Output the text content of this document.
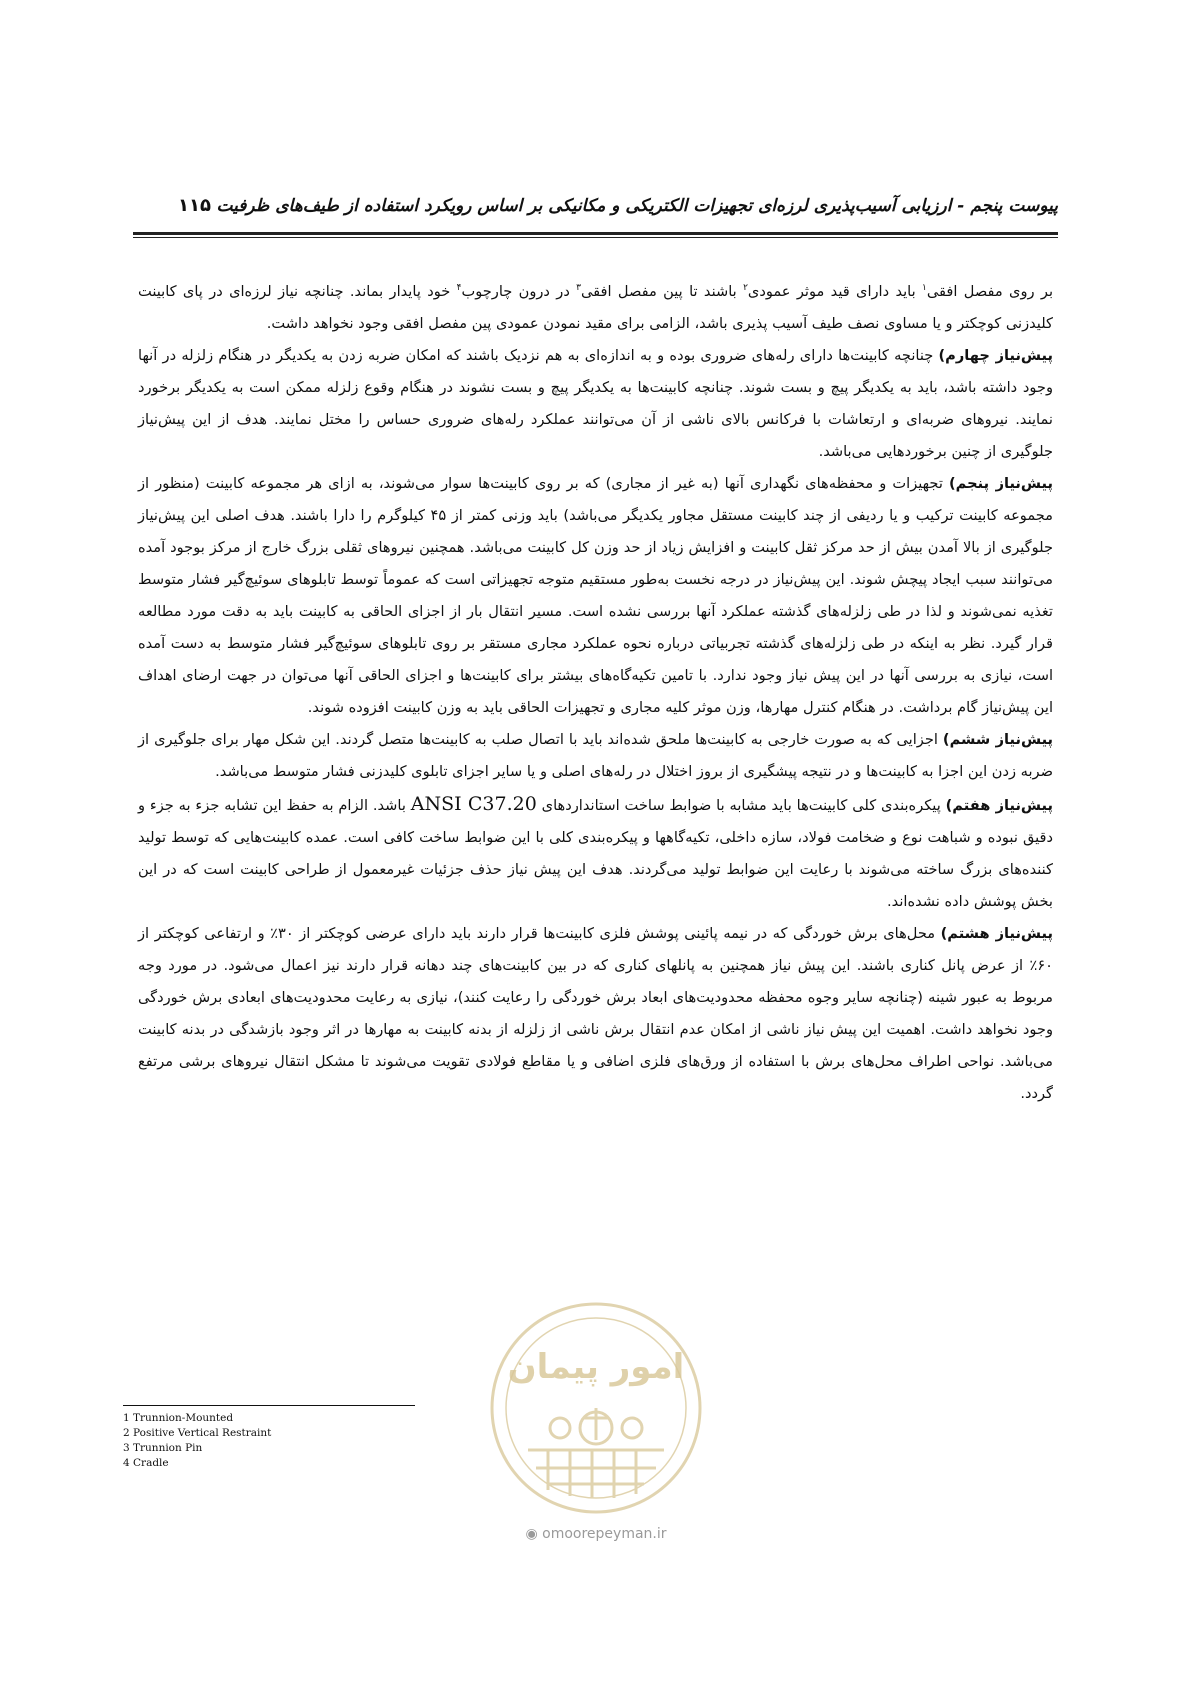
پیوست پنجم - ارزیابی آسیب‌پذیری لرزه‌ای تجهیزات الکتریکی و مکانیکی بر اساس رویکرد استفاده از طیف‌های ظرفیت
۱۱۵

بر روی مفصل افقی$^۱$ باید دارای قید موثر عمودی$^۲$ باشند تا پین مفصل افقی$^۳$ در درون چارچوب$^۴$ خود پایدار بماند. چنانچه نیاز لرزه‌ای در پای کابینت کلیدزنی کوچکتر و یا مساوی نصف طیف آسیب پذیری باشد، الزامی برای مقید نمودن عمودی پین مفصل افقی وجود نخواهد داشت.

پیش‌نیاز چهارم) چنانچه کابینت‌ها دارای رله‌های ضروری بوده و به اندازه‌ای به هم نزدیک باشند که امکان ضربه زدن به یکدیگر در هنگام زلزله در آنها وجود داشته باشد، باید به یکدیگر پیچ و بست شوند. چنانچه کابینت‌ها به یکدیگر پیچ و بست نشوند در هنگام وقوع زلزله ممکن است به یکدیگر برخورد نمایند. نیروهای ضربه‌ای و ارتعاشات با فرکانس بالای ناشی از آن می‌توانند عملکرد رله‌های ضروری حساس را مختل نمایند. هدف از این پیش‌نیاز جلوگیری از چنین برخوردهایی می‌باشد.

پیش‌نیاز پنجم) تجهیزات و محفظه‌های نگهداری آنها (به غیر از مجاری) که بر روی کابینت‌ها سوار می‌شوند، به ازای هر مجموعه کابینت (منظور از مجموعه کابینت ترکیب و یا ردیفی از چند کابینت مستقل مجاور یکدیگر می‌باشد) باید وزنی کمتر از ۴۵ کیلوگرم را دارا باشند. هدف اصلی این پیش‌نیاز جلوگیری از بالا آمدن بیش از حد مرکز ثقل کابینت و افزایش زیاد از حد وزن کل کابینت می‌باشد. همچنین نیروهای ثقلی بزرگ خارج از مرکز بوجود آمده می‌توانند سبب ایجاد پیچش شوند. این پیش‌نیاز در درجه نخست به‌طور مستقیم متوجه تجهیزاتی است که عموماً توسط تابلوهای سوئیچ‌گیر فشار متوسط تغذیه نمی‌شوند و لذا در طی زلزله‌های گذشته عملکرد آنها بررسی نشده است. مسیر انتقال بار از اجزای الحاقی به کابینت باید به دقت مورد مطالعه قرار گیرد. نظر به اینکه در طی زلزله‌های گذشته تجربیاتی درباره نحوه عملکرد مجاری مستقر بر روی تابلوهای سوئیچ‌گیر فشار متوسط به دست آمده است، نیازی به بررسی آنها در این پیش نیاز وجود ندارد. با تامین تکیه‌گاه‌های بیشتر برای کابینت‌ها و اجزای الحاقی آنها می‌توان در جهت ارضای اهداف این پیش‌نیاز گام برداشت. در هنگام کنترل مهارها، وزن موثر کلیه مجاری و تجهیزات الحاقی باید به وزن کابینت افزوده شوند.

پیش‌نیاز ششم) اجزایی که به صورت خارجی به کابینت‌ها ملحق شده‌اند باید با اتصال صلب به کابینت‌ها متصل گردند. این شکل مهار برای جلوگیری از ضربه زدن این اجزا به کابینت‌ها و در نتیجه پیشگیری از بروز اختلال در رله‌های اصلی و یا سایر اجزای تابلوی کلیدزنی فشار متوسط می‌باشد.

پیش‌نیاز هفتم) پیکره‌بندی کلی کابینت‌ها باید مشابه با ضوابط ساخت استانداردهای ANSI C37.20 باشد. الزام به حفظ این تشابه جزء به جزء و دقیق نبوده و شباهت نوع و ضخامت فولاد، سازه داخلی، تکیه‌گاهها و پیکره‌بندی کلی با این ضوابط ساخت کافی است. عمده کابینت‌هایی که توسط تولید کننده‌های بزرگ ساخته می‌شوند با رعایت این ضوابط تولید می‌گردند. هدف این پیش نیاز حذف جزئیات غیرمعمول از طراحی کابینت است که در این بخش پوشش داده نشده‌اند.

پیش‌نیاز هشتم) محل‌های برش خوردگی که در نیمه پائینی پوشش فلزی کابینت‌ها قرار دارند باید دارای عرضی کوچکتر از ۳۰٪ و ارتفاعی کوچکتر از ۶۰٪ از عرض پانل کناری باشند. این پیش نیاز همچنین به پانلهای کناری که در بین کابینت‌های چند دهانه قرار دارند نیز اعمال می‌شود. در مورد وجه مربوط به عبور شینه (چنانچه سایر وجوه محفظه محدودیت‌های ابعاد برش خوردگی را رعایت کنند)، نیازی به رعایت محدودیت‌های ابعادی برش خوردگی وجود نخواهد داشت. اهمیت این پیش نیاز ناشی از امکان عدم انتقال برش ناشی از زلزله از بدنه کابینت به مهارها در اثر وجود بازشدگی در بدنه کابینت می‌باشد. نواحی اطراف محل‌های برش با استفاده از ورق‌های فلزی اضافی و یا مقاطع فولادی تقویت می‌شوند تا مشکل انتقال نیروهای برشی مرتفع گردد.

1 Trunnion-Mounted
2 Positive Vertical Restraint
3 Trunnion Pin
4 Cradle
امور پیمان
◉ omoorepeyman.ir
